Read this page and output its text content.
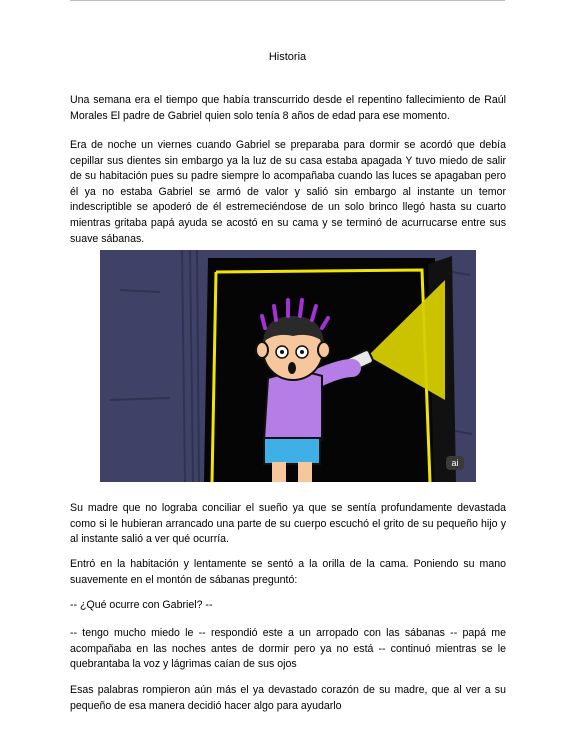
Historia

Una semana era el tiempo que había transcurrido desde el repentino fallecimiento de Raúl Morales El padre de Gabriel quien solo tenía 8 años de edad para ese momento.

Era de noche un viernes cuando Gabriel se preparaba para dormir se acordó que debía cepillar sus dientes sin embargo ya la luz de su casa estaba apagada Y tuvo miedo de salir de su habitación pues su padre siempre lo acompañaba cuando las luces se apagaban pero él ya no estaba Gabriel se armó de valor y salió sin embargo al instante un temor indescriptible se apoderó de él estremeciéndose de un solo brinco llegó hasta su cuarto mientras gritaba papá ayuda se acostó en su cama y se terminó de acurrucarse entre sus suave sábanas.

ai

Su madre que no lograba conciliar el sueño ya que se sentía profundamente devastada como si le hubieran arrancado una parte de su cuerpo escuchó el grito de su pequeño hijo y al instante salió a ver qué ocurría.

Entró en la habitación y lentamente se sentó a la orilla de la cama. Poniendo su mano suavemente en el montón de sábanas preguntó:

-- ¿Qué ocurre con Gabriel? --

-- tengo mucho miedo le -- respondió este a un arropado con las sábanas -- papá me acompañaba en las noches antes de dormir pero ya no está -- continuó mientras se le quebrantaba la voz y lágrimas caían de sus ojos

Esas palabras rompieron aún más el ya devastado corazón de su madre, que al ver a su pequeño de esa manera decidió hacer algo para ayudarlo
